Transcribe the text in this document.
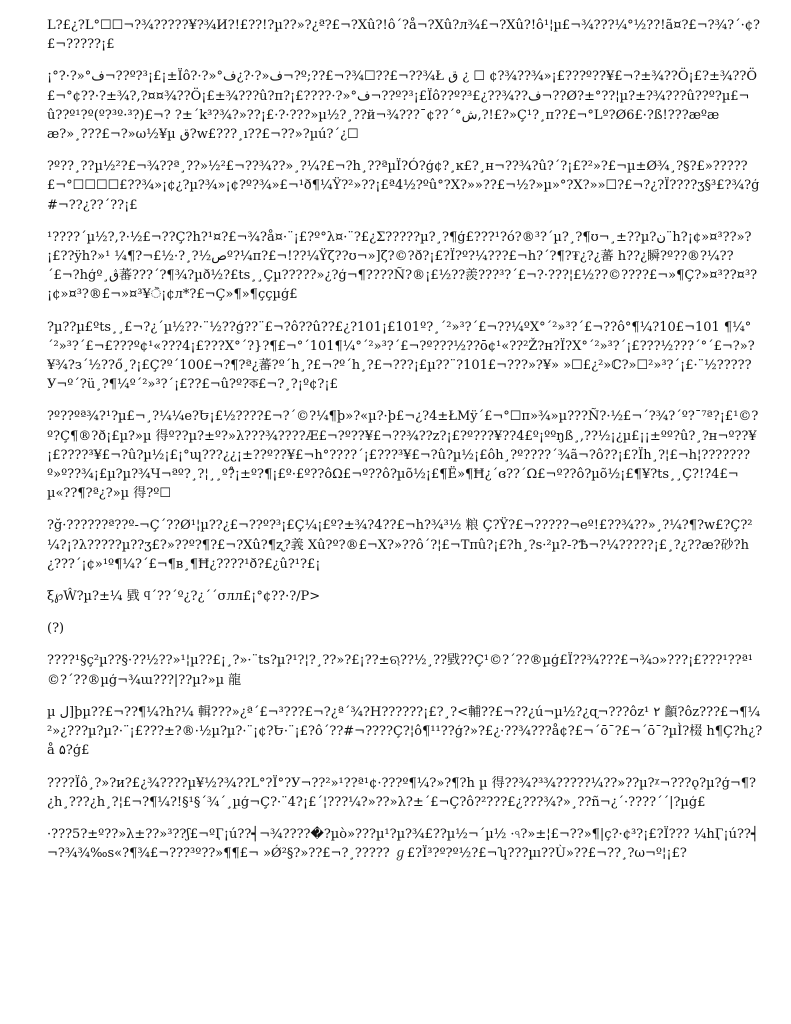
L?£¿?L°☐☐¬?¾?????¥?¾И?!£??!?µ??»?¿ª?£¬?Xû?!ô´?å¬?Xû?л¾£¬?Xû?!ô¹¦µ£¬¾???¼°½??!ã¤?£¬?¾?´·¢?£¬?????¡£

¡°?·?»°ف¬??º?³¡£¡±Ïô?·?»°ف«?·?¿ف¬?º;??£¬?¾☐??£¬??¾Ł ق ¿ ☐ ¢?¾??¾»¡£???º??¥£¬?±¾??Ö¡£?±¾??Ö£¬°¢??·?±¾?,?¤¤¾??Ö¡£±¾???û?π?¡£????·?»°ف¬??º?³¡£Ïô??º?³£¿??¾??ف¬??Ø?±°??¦µ?±?¾???û??º?µ£¬û??º¹?º(º?³º·³?)£¬? ?±´k³?¾?»??¡£·?·???»µ½?¸??й¬¾???¯¢??´°ش,?!£?»Ç¹?¸п??£¬°Lº?Ø6£·?ß!???æºææ?»¸???£¬?»ω½¥µ ق?w£???¸ı??£¬??»?µú?´¿☐

?º??¸??µ½²?£¬¾??ª¸??»½²£¬??¾??»¸?¼?£¬?h¸??ªµÏ?Ó?ģ¢?¸ĸ£?¸н¬??¾?û?´?¡£?²»?£¬µ±Ø¾¸?§?£»?????£¬°☐☐☐☐£??¾»¡¢¿?µ?¾»¡¢?º?¾»£¬¹ð¶¼Ÿ?²»??¡£ª4½?ºû°?X?»»??£¬½?»µ»°?X?»»☐?£¬?¿?Ï????ʒ§³£?¾?ģ#¬??¿??´??¡£

¹????´µ½?,?·½£¬??Ç?h?¹¤?£¬¾?å¤·¨¡£?º°λ¤·¨?£¿Σ?????µ?¸?¶ģ£???¹?ó?®³?´µ?¸?¶ʊ¬¸±??µ?ن¨h?¡¢»¤³??»?¡£??ÿh?»¹ ¼¶?¬£½·?¸?½صº?¼π?£¬!??¼Ÿζ??ʊ¬»]ζ?©?ð?¡£?Ï?º?¼???£¬h?´?¶?₮¿?¿蕃 h??¿瞬?º??®?¼??´£¬?hģº¸ڨ蕃???´?¶¾?µð½?£ts¸¸Çµ?????»¿?ģ¬¶????Ñ?®¡£½??羨???³?´£¬?·???¦£½??©????£¬»¶Ç?»¤³??¤³?¡¢»¤³?®£¬»¤³¥ੋ¡¢л*?£¬Ç»¶»¶ççµģ£

?µ??µ£ºts¸¸£¬?¿´µ½??·¨½??ģ??¨£¬?ô??û??£¿?101¡£101º?¸´²»³?´£¬??¼ºX°´²»³?´£¬??ô°¶¼?10£¬101 ¶¼°´²»³?´£¬£???º¢¹«???4¡£???X°´?}?¶£¬°´101¶¼°´²»³?´£¬?º???½??ō¢¹«??²Ž?н?Ϊ?X°´²»³?´¡£???½???´°´£¬?»?¥¾?з´½??ő¸?¡£Ç?º´100£¬?¶?ª¿蕃?º´h¸?£¬?º´h¸?£¬???¡£µ??¨?101£¬???»?¥» »☐£¿²»ℂ?»☐²»³?´¡£·¨½????? У¬º´?ü¸?¶¼º´²»³?´¡£??£¬û?º?ক£¬?¸?¡º¢?¡£

?º??ºª¾?¹?µ£¬¸?¼¼e?Ե¡£½????£¬?´©?¼¶þ»?«µ?·þ£¬¿?4±ŁΜÿ´£¬°☐п»¾»µ???Ñ?·½£¬´?¾?´º?¯⁷ª?¡£¹©?º?Ç¶®?ð¡£µ?»µ 得º??µ?±º?»λ???¾????Æ£¬?º??¥£¬??¾??z?¡£?º???¥??4£º¡ººŋß¸,??½¡¿µ£¡¡±ºº?û?¸?н¬º??¥¡£????³¥£¬?û?µ½¡£¡°ɰ???¿¿¡±??º??¥£¬h°????´¡£???³¥£¬?û?µ½¡£ôh¸?º????´¾ã¬?ô??¡£?Ïh¸?¦£¬h¦???????º»º??¾¡£µ?µ?¾Ч¬ªº?¸?¦¸¸º?̊¡±º?¶¡£º·£º??ôΩ£¬º??ô?µõ½¡£¶Ё»¶Ħ¿´ɞ??´Ω£¬º??ô?µõ½¡£¶¥?ts¸¸Ç?!?4£¬µ«??¶?ª¿?»µ 得?º☐

?ğ·??????ª??º‐¬Ç´??Ø¹¦µ??¿£¬??º?³¡£Ç¼¡£º?±¾?4??£¬h?¾³½ 粮 Ç?Ÿ?£¬?????¬eº!£??¾??»¸?¼?¶?w£?Ç?²¼?¡?λ?????µ??ʒ£?»??º?¶?£¬?Xû?¶ʐ?義 Xû?º?®£¬X?»??ô´?¦£¬Tπû?¡£?h¸?s·²µ?-?Ѣ¬?¼?????¡£¸?¿??æ?砂?h¿???´¡¢»¹º¶¼?´£¬¶ʙ¸¶Ħ¿????¹ð?£¿û?¹?£¡

ξ℘Ŵ?µ?±¼ 戥 ϥ´??´º¿?¿´´σлл£¡°¢??·?/P>

(?)

????¹§ç²µ??§·??½??»¹¦µ??£¡¸?»·¨ts?µ?¹?¦?¸??»?£¡??±ଋ??½¸??戥??Ç¹©?´??®µģ£Ï??¾???£¬¾ɔ»???¡£???¹??ª¹©?´??®µģ¬¾ɯ???|??µ?»µ 龍

µ ل]þµ??£¬??¶¼?h?¼ 輯???»¿ª´£¬³???£¬?¿ª´¾?Н??????¡£?¸?<輔??£¬??¿ú¬µ½?¿ɋ¬???ôz¹ ٢ 顲?ôz???£¬¶¼²»¿???µ?µ?·¨¡£???±?®·½µ?µ?·¨¡¢?Ե·¨¡£?ô´??#¬????Ç?¦ô¶¹¹??ģ?»?£¿·??¾???å¢?£¬´ō¯?£¬´ō¯?µÌ?棳 h¶Ç?h¿?å ۵?ģ£

????Ïô¸?»?и?£¿¾????µ¥½?¾??L°?Ï°?У¬??²»¹??ª¹¢·???º¶¼?»?¶?h µ 得??¾?³¾?????¼??»??µ?ᵡ¬???ǫ?µ?ģ¬¶?¿h¸???¿h¸?¦£¬?¶¼?!§¹§´¾´¸µģ¬Ç?·¨4?¡£´¦???¼?»??»λ?±´£¬Ç?ô?²???£¿???¾?»¸??ñ¬¿´·????´´|?µģ£

·???5?±º??»λ±??»³??ʃ£¬ºӶ¡ú??┥¬¾????�?µò»???µ¹?µ?¾£??µ½¬´µ½ ·ঀ?»±¦£¬??»¶|ç?·¢³?¡£?Ï??? ¼hӶ¡ú??┥¬?¾¾‰s«?¶¾£¬???³º??»¶¶£¬ »Ǿ²§?»??£¬?¸????? ℊ£?Ï³?º?º½?£¬ʮ???µı??Ù»??£¬??¸?ω¬º¦¡£?
